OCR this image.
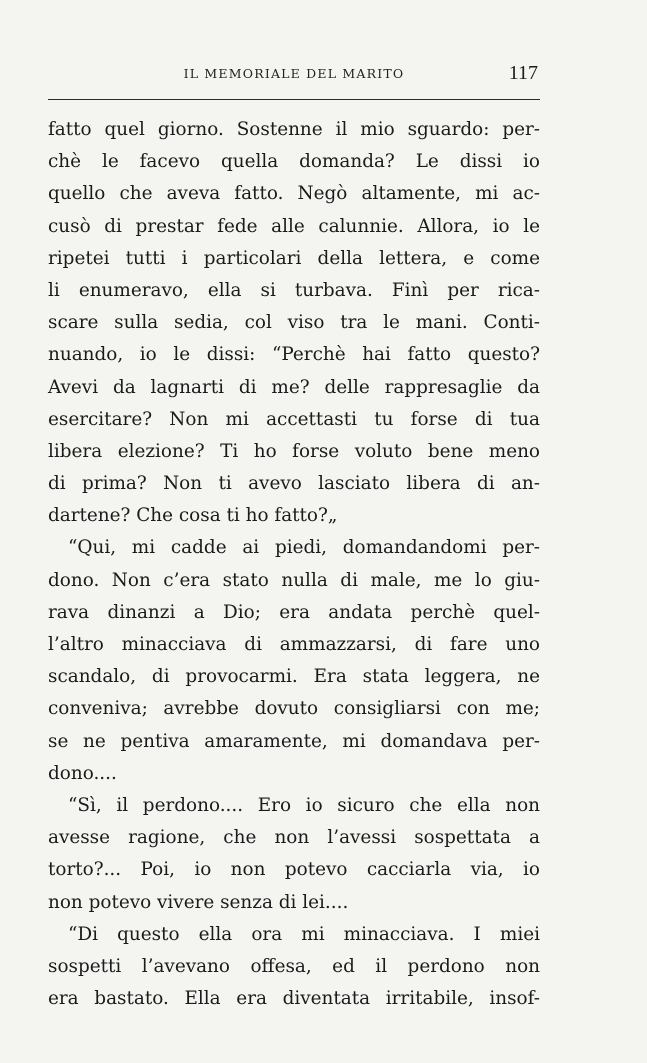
IL MEMORIALE DEL MARITO	117
fatto quel giorno. Sostenne il mio sguardo: per-
chè le facevo quella domanda? Le dissi io
quello che aveva fatto. Negò altamente, mi ac-
cusò di prestar fede alle calunnie. Allora, io le
ripetei tutti i particolari della lettera, e come
li enumeravo, ella si turbava. Finì per rica-
scare sulla sedia, col viso tra le mani. Conti-
nuando, io le dissi: “Perchè hai fatto questo?
Avevi da lagnarti di me? delle rappresaglie da
esercitare? Non mi accettasti tu forse di tua
libera elezione? Ti ho forse voluto bene meno
di prima? Non ti avevo lasciato libera di an-
dartene? Che cosa ti ho fatto?„
“Qui, mi cadde ai piedi, domandandomi per-
dono. Non c’era stato nulla di male, me lo giu-
rava dinanzi a Dio; era andata perchè quel-
l’altro minacciava di ammazzarsi, di fare uno
scandalo, di provocarmi. Era stata leggera, ne
conveniva; avrebbe dovuto consigliarsi con me;
se ne pentiva amaramente, mi domandava per-
dono....
“Sì, il perdono.... Ero io sicuro che ella non
avesse ragione, che non l’avessi sospettata a
torto?... Poi, io non potevo cacciarla via, io
non potevo vivere senza di lei....
“Di questo ella ora mi minacciava. I miei
sospetti l’avevano offesa, ed il perdono non
era bastato. Ella era diventata irritabile, insof-
